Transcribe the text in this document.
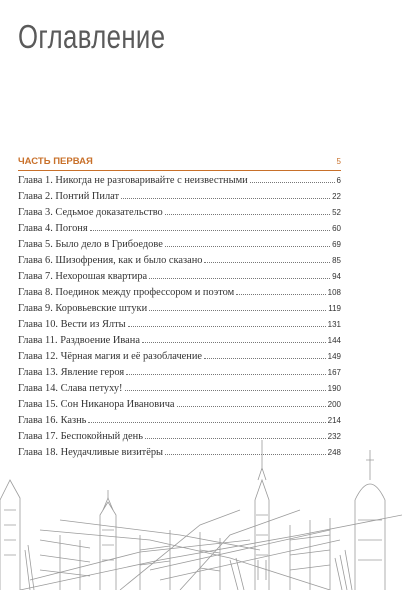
Оглавление
ЧАСТЬ ПЕРВАЯ	5
Глава 1. Никогда не разговаривайте с неизвестными	6
Глава 2. Понтий Пилат	22
Глава 3. Седьмое доказательство	52
Глава 4. Погоня	60
Глава 5. Было дело в Грибоедове	69
Глава 6. Шизофрения, как и было сказано	85
Глава 7. Нехорошая квартира	94
Глава 8. Поединок между профессором и поэтом	108
Глава 9. Коровьевские штуки	119
Глава 10. Вести из Ялты	131
Глава 11. Раздвоение Ивана	144
Глава 12. Чёрная магия и её разоблачение	149
Глава 13. Явление героя	167
Глава 14. Слава петуху!	190
Глава 15. Сон Никанора Ивановича	200
Глава 16. Казнь	214
Глава 17. Беспокойный день	232
Глава 18. Неудачливые визитёры	248
